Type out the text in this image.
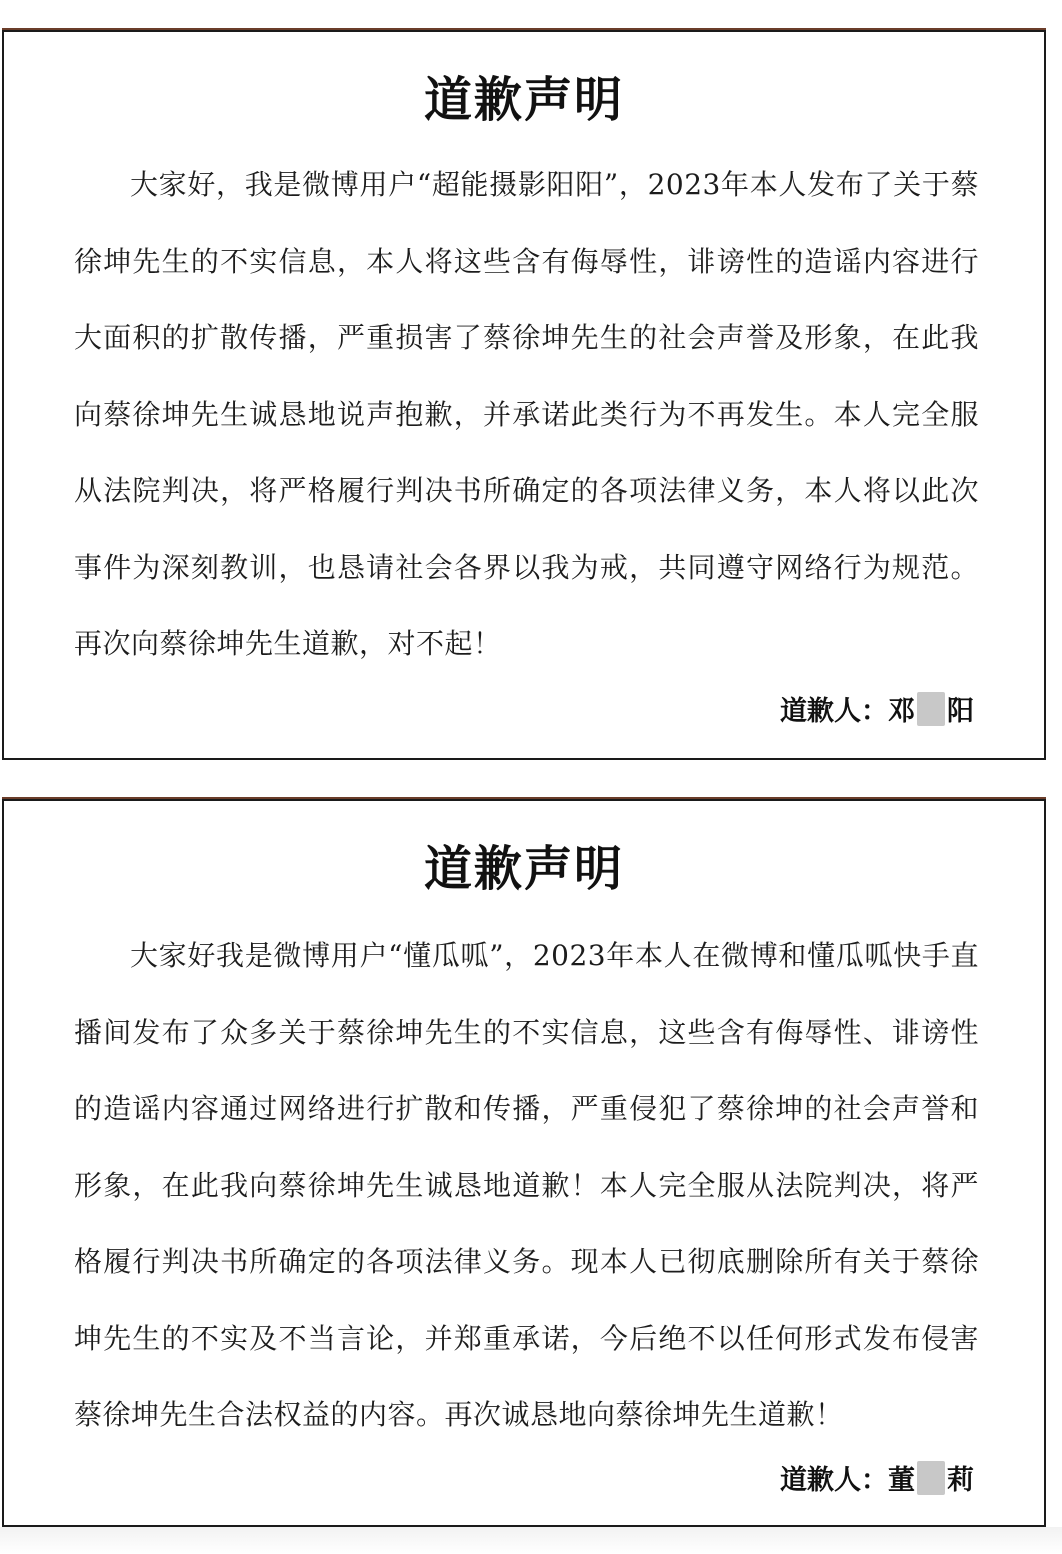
道歉声明

大家好，我是微博用户“超能摄影阳阳”，2023年本人发布了关于蔡徐坤先生的不实信息，本人将这些含有侮辱性，诽谤性的造谣内容进行大面积的扩散传播，严重损害了蔡徐坤先生的社会声誉及形象，在此我向蔡徐坤先生诚恳地说声抱歉，并承诺此类行为不再发生。本人完全服从法院判决，将严格履行判决书所确定的各项法律义务，本人将以此次事件为深刻教训，也恳请社会各界以我为戒，共同遵守网络行为规范。再次向蔡徐坤先生道歉，对不起！

道歉人：邓 阳
道歉声明

大家好我是微博用户“懂瓜呱”，2023年本人在微博和懂瓜呱快手直播间发布了众多关于蔡徐坤先生的不实信息，这些含有侮辱性、诽谤性的造谣内容通过网络进行扩散和传播，严重侵犯了蔡徐坤的社会声誉和形象，在此我向蔡徐坤先生诚恳地道歉！本人完全服从法院判决，将严格履行判决书所确定的各项法律义务。现本人已彻底删除所有关于蔡徐坤先生的不实及不当言论，并郑重承诺，今后绝不以任何形式发布侵害蔡徐坤先生合法权益的内容。再次诚恳地向蔡徐坤先生道歉！

道歉人：董 莉
